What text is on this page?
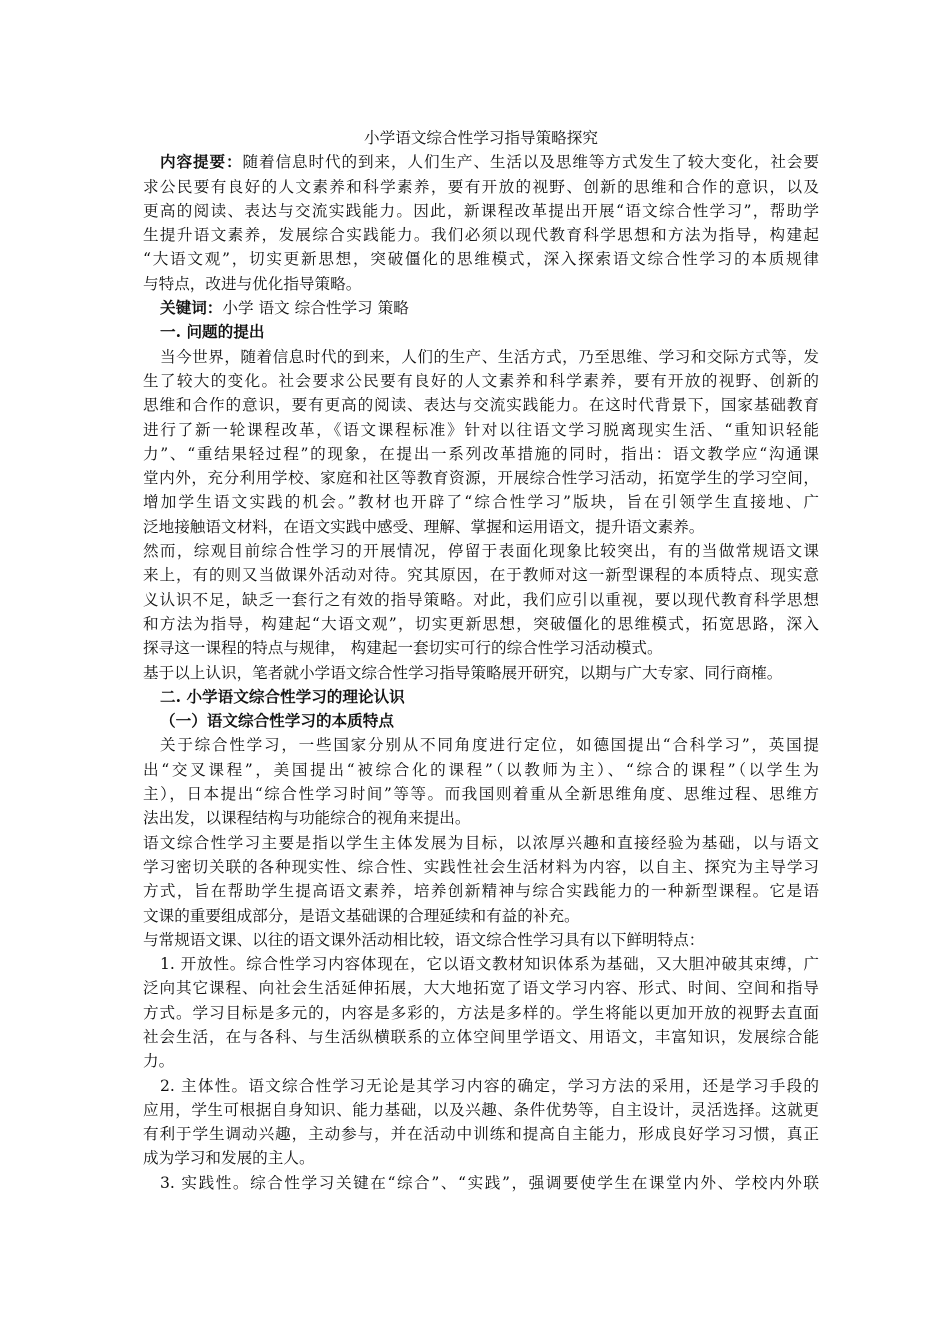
小学语文综合性学习指导策略探究
内容提要：随着信息时代的到来，人们生产、生活以及思维等方式发生了较大变化，社会要
求公民要有良好的人文素养和科学素养，要有开放的视野、创新的思维和合作的意识，以及
更高的阅读、表达与交流实践能力。因此，新课程改革提出开展“语文综合性学习”，帮助学
生提升语文素养，发展综合实践能力。我们必须以现代教育科学思想和方法为指导，构建起
“大语文观”，切实更新思想，突破僵化的思维模式，深入探索语文综合性学习的本质规律
与特点，改进与优化指导策略。
关键词：小学 语文 综合性学习 策略
一. 问题的提出
当今世界，随着信息时代的到来，人们的生产、生活方式，乃至思维、学习和交际方式等，发
生了较大的变化。社会要求公民要有良好的人文素养和科学素养，要有开放的视野、创新的
思维和合作的意识，要有更高的阅读、表达与交流实践能力。在这时代背景下，国家基础教育
进行了新一轮课程改革，《语文课程标准》针对以往语文学习脱离现实生活、“重知识轻能
力”、“重结果轻过程”的现象，在提出一系列改革措施的同时，指出：语文教学应“沟通课
堂内外，充分利用学校、家庭和社区等教育资源，开展综合性学习活动，拓宽学生的学习空间，
增加学生语文实践的机会。”教材也开辟了“综合性学习”版块，旨在引领学生直接地、广
泛地接触语文材料，在语文实践中感受、理解、掌握和运用语文，提升语文素养。
然而，综观目前综合性学习的开展情况，停留于表面化现象比较突出，有的当做常规语文课
来上，有的则又当做课外活动对待。究其原因，在于教师对这一新型课程的本质特点、现实意
义认识不足，缺乏一套行之有效的指导策略。对此，我们应引以重视，要以现代教育科学思想
和方法为指导，构建起“大语文观”，切实更新思想，突破僵化的思维模式，拓宽思路，深入
探寻这一课程的特点与规律， 构建起一套切实可行的综合性学习活动模式。
基于以上认识，笔者就小学语文综合性学习指导策略展开研究，以期与广大专家、同行商榷。
二. 小学语文综合性学习的理论认识
（一）语文综合性学习的本质特点
关于综合性学习，一些国家分别从不同角度进行定位，如德国提出“合科学习”，英国提
出“交叉课程”，美国提出“被综合化的课程”（以教师为主）、“综合的课程”（以学生为
主），日本提出“综合性学习时间”等等。而我国则着重从全新思维角度、思维过程、思维方
法出发，以课程结构与功能综合的视角来提出。
语文综合性学习主要是指以学生主体发展为目标，以浓厚兴趣和直接经验为基础，以与语文
学习密切关联的各种现实性、综合性、实践性社会生活材料为内容，以自主、探究为主导学习
方式，旨在帮助学生提高语文素养，培养创新精神与综合实践能力的一种新型课程。它是语
文课的重要组成部分，是语文基础课的合理延续和有益的补充。
与常规语文课、以往的语文课外活动相比较，语文综合性学习具有以下鲜明特点：
1. 开放性。综合性学习内容体现在，它以语文教材知识体系为基础，又大胆冲破其束缚，广
泛向其它课程、向社会生活延伸拓展，大大地拓宽了语文学习内容、形式、时间、空间和指导
方式。学习目标是多元的，内容是多彩的，方法是多样的。学生将能以更加开放的视野去直面
社会生活，在与各科、与生活纵横联系的立体空间里学语文、用语文，丰富知识，发展综合能
力。
2. 主体性。语文综合性学习无论是其学习内容的确定，学习方法的采用，还是学习手段的
应用，学生可根据自身知识、能力基础，以及兴趣、条件优势等，自主设计，灵活选择。这就更
有利于学生调动兴趣，主动参与，并在活动中训练和提高自主能力，形成良好学习习惯，真正
成为学习和发展的主人。
3. 实践性。综合性学习关键在“综合”、“实践”，强调要使学生在课堂内外、学校内外联
